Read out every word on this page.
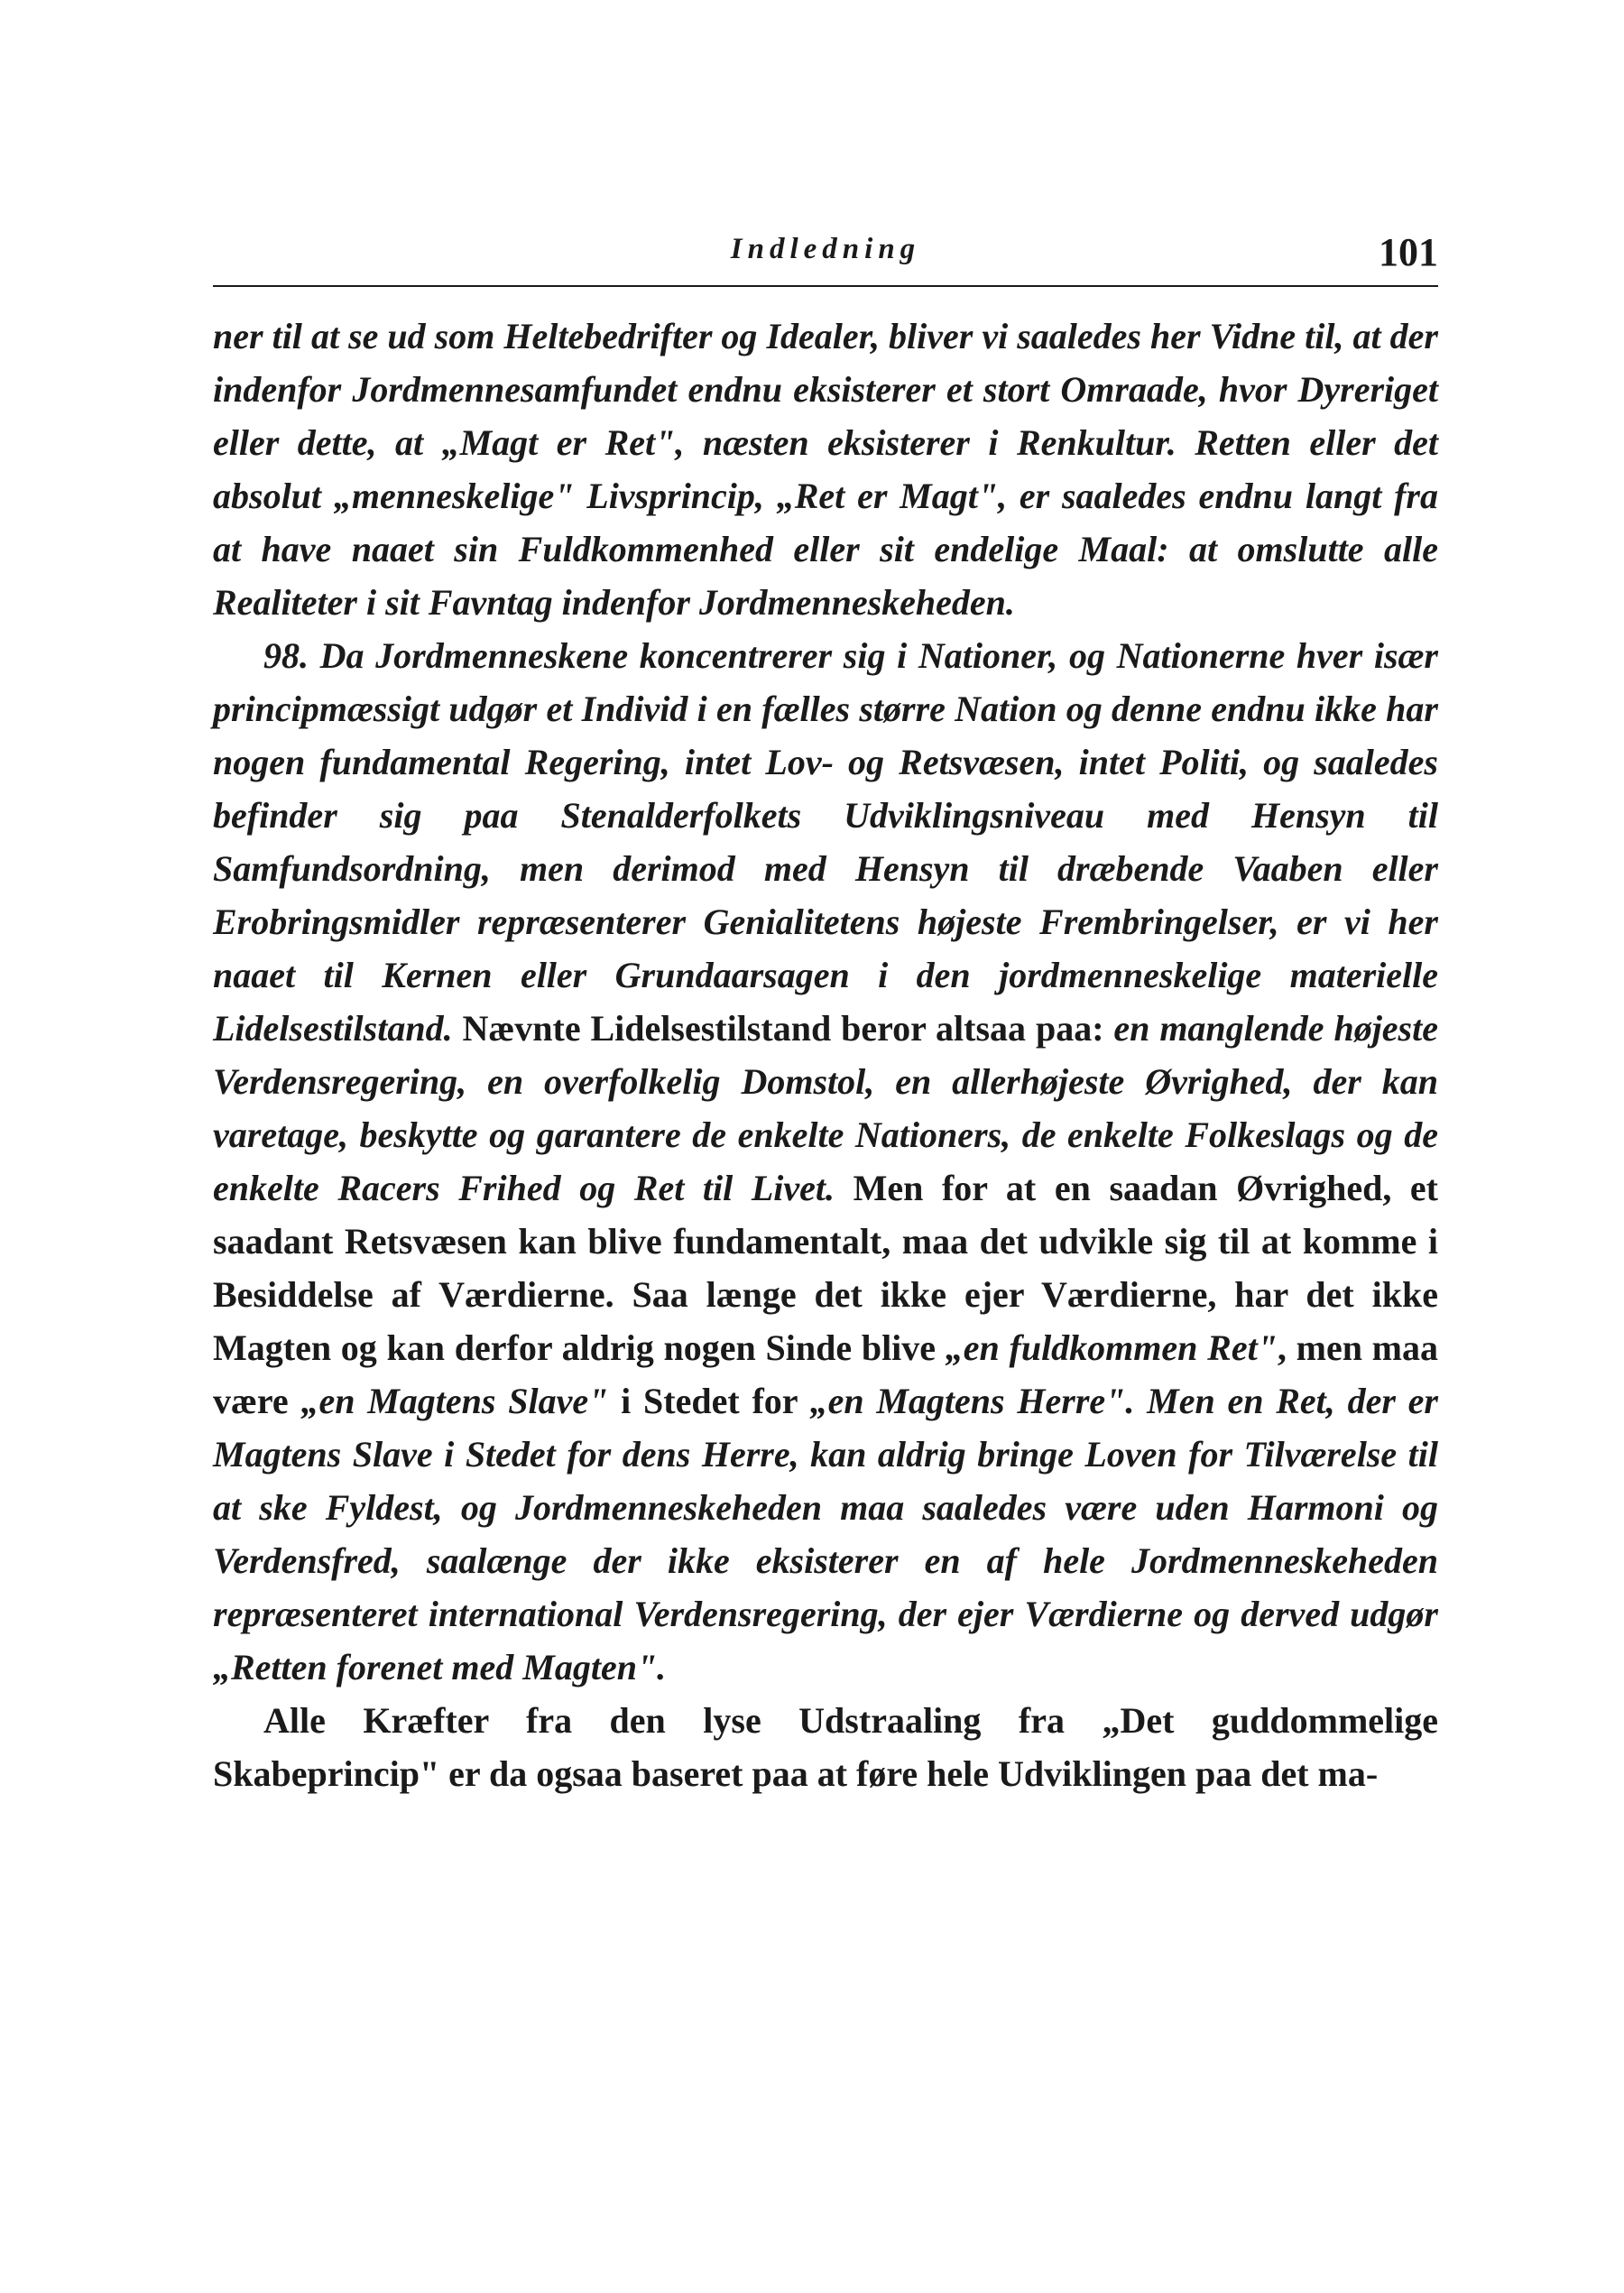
Indledning	101

ner til at se ud som Heltebedrifter og Idealer, bliver vi saaledes her Vidne til, at der indenfor Jordmennesamfundet endnu eksisterer et stort Omraade, hvor Dyreriget eller dette, at „Magt er Ret", næsten eksisterer i Renkultur. Retten eller det absolut „menneskelige" Livsprincip, „Ret er Magt", er saaledes endnu langt fra at have naaet sin Fuldkommenhed eller sit endelige Maal: at omslutte alle Realiteter i sit Favntag indenfor Jordmenneskeheden.

98. Da Jordmenneskene koncentrerer sig i Nationer, og Nationerne hver især principmæssigt udgør et Individ i en fælles større Nation og denne endnu ikke har nogen fundamental Regering, intet Lov- og Retsvæsen, intet Politi, og saaledes befinder sig paa Stenalderfolkets Udviklingsniveau med Hensyn til Samfundsordning, men derimod med Hensyn til dræbende Vaaben eller Erobringsmidler repræsenterer Genialitetens højeste Frembringelser, er vi her naaet til Kernen eller Grundaarsagen i den jordmenneskelige materielle Lidelsestilstand. Nævnte Lidelsestilstand beror altsaa paa: en manglende højeste Verdensregering, en overfolkelig Domstol, en allerhøjeste Øvrighed, der kan varetage, beskytte og garantere de enkelte Nationers, de enkelte Folkeslags og de enkelte Racers Frihed og Ret til Livet. Men for at en saadan Øvrighed, et saadant Retsvæsen kan blive fundamentalt, maa det udvikle sig til at komme i Besiddelse af Værdierne. Saa længe det ikke ejer Værdierne, har det ikke Magten og kan derfor aldrig nogen Sinde blive „en fuldkommen Ret", men maa være „en Magtens Slave" i Stedet for „en Magtens Herre". Men en Ret, der er Magtens Slave i Stedet for dens Herre, kan aldrig bringe Loven for Tilværelse til at ske Fyldest, og Jordmenneskeheden maa saaledes være uden Harmoni og Verdensfred, saalænge der ikke eksisterer en af hele Jordmenneskeheden repræsenteret international Verdensregering, der ejer Værdierne og derved udgør „Retten forenet med Magten".

Alle Kræfter fra den lyse Udstraaling fra „Det guddommelige Skabeprincip" er da ogsaa baseret paa at føre hele Udviklingen paa det ma-
